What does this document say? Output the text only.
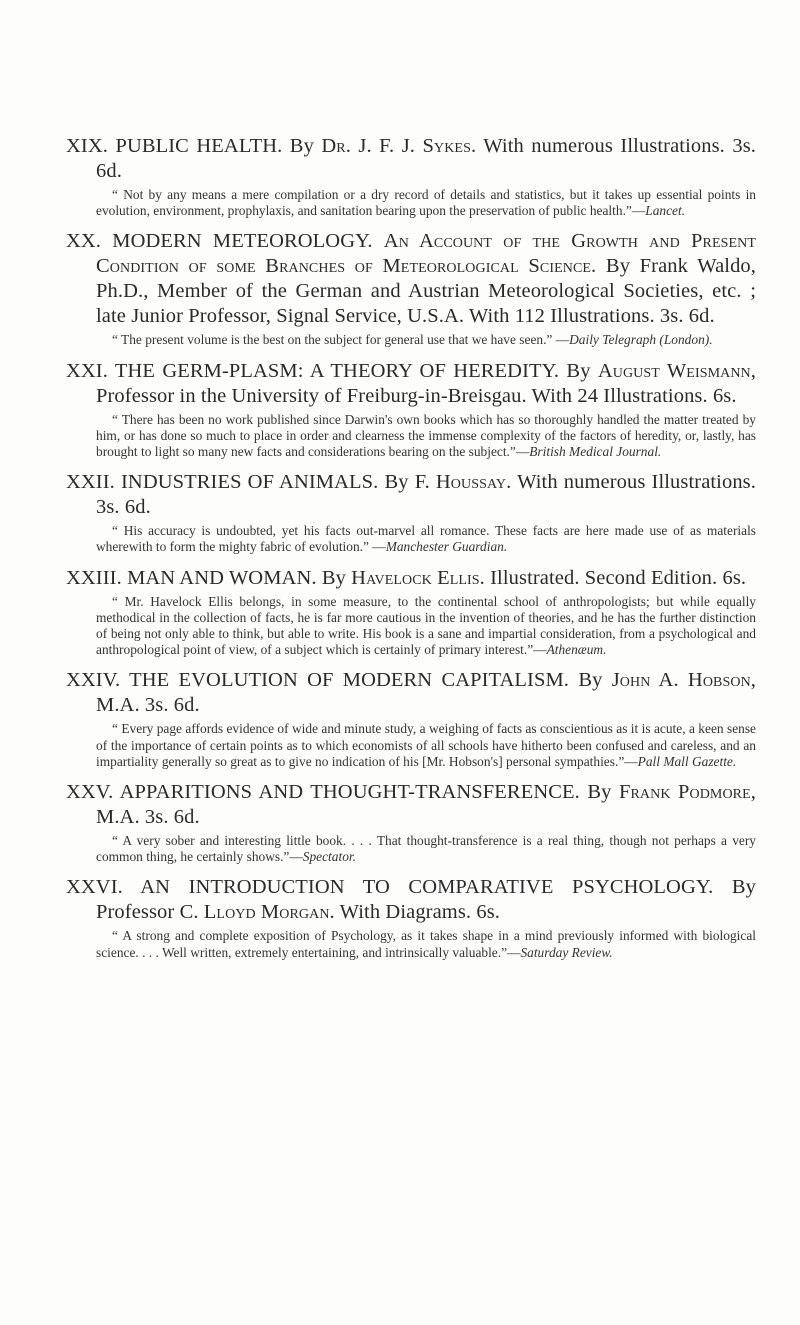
XIX. PUBLIC HEALTH. By Dr. J. F. J. Sykes. With numerous Illustrations. 3s. 6d.

“ Not by any means a mere compilation or a dry record of details and statistics, but it takes up essential points in evolution, environment, prophylaxis, and sanitation bearing upon the preservation of public health.”—Lancet.

XX. MODERN METEOROLOGY. An Account of the Growth and Present Condition of some Branches of Meteorological Science. By Frank Waldo, Ph.D., Member of the German and Austrian Meteorological Societies, etc. ; late Junior Professor, Signal Service, U.S.A. With 112 Illustrations. 3s. 6d.

“ The present volume is the best on the subject for general use that we have seen.” —Daily Telegraph (London).

XXI. THE GERM-PLASM: A THEORY OF HEREDITY. By August Weismann, Professor in the University of Freiburg-in-Breisgau. With 24 Illustrations. 6s.

“ There has been no work published since Darwin's own books which has so thoroughly handled the matter treated by him, or has done so much to place in order and clearness the immense complexity of the factors of heredity, or, lastly, has brought to light so many new facts and considerations bearing on the subject.”—British Medical Journal.

XXII. INDUSTRIES OF ANIMALS. By F. Houssay. With numerous Illustrations. 3s. 6d.

“ His accuracy is undoubted, yet his facts out-marvel all romance. These facts are here made use of as materials wherewith to form the mighty fabric of evolution.” —Manchester Guardian.

XXIII. MAN AND WOMAN. By Havelock Ellis. Illustrated. Second Edition. 6s.

“ Mr. Havelock Ellis belongs, in some measure, to the continental school of anthropologists; but while equally methodical in the collection of facts, he is far more cautious in the invention of theories, and he has the further distinction of being not only able to think, but able to write. His book is a sane and impartial consideration, from a psychological and anthropological point of view, of a subject which is certainly of primary interest.”—Athenæum.

XXIV. THE EVOLUTION OF MODERN CAPITALISM. By John A. Hobson, M.A. 3s. 6d.

“ Every page affords evidence of wide and minute study, a weighing of facts as conscientious as it is acute, a keen sense of the importance of certain points as to which economists of all schools have hitherto been confused and careless, and an impartiality generally so great as to give no indication of his [Mr. Hobson's] personal sympathies.”—Pall Mall Gazette.

XXV. APPARITIONS AND THOUGHT-TRANSFERENCE. By Frank Podmore, M.A. 3s. 6d.

“ A very sober and interesting little book. . . . That thought-transference is a real thing, though not perhaps a very common thing, he certainly shows.”—Spectator.

XXVI. AN INTRODUCTION TO COMPARATIVE PSYCHOLOGY. By Professor C. Lloyd Morgan. With Diagrams. 6s.

“ A strong and complete exposition of Psychology, as it takes shape in a mind previously informed with biological science. . . . Well written, extremely entertaining, and intrinsically valuable.”—Saturday Review.
